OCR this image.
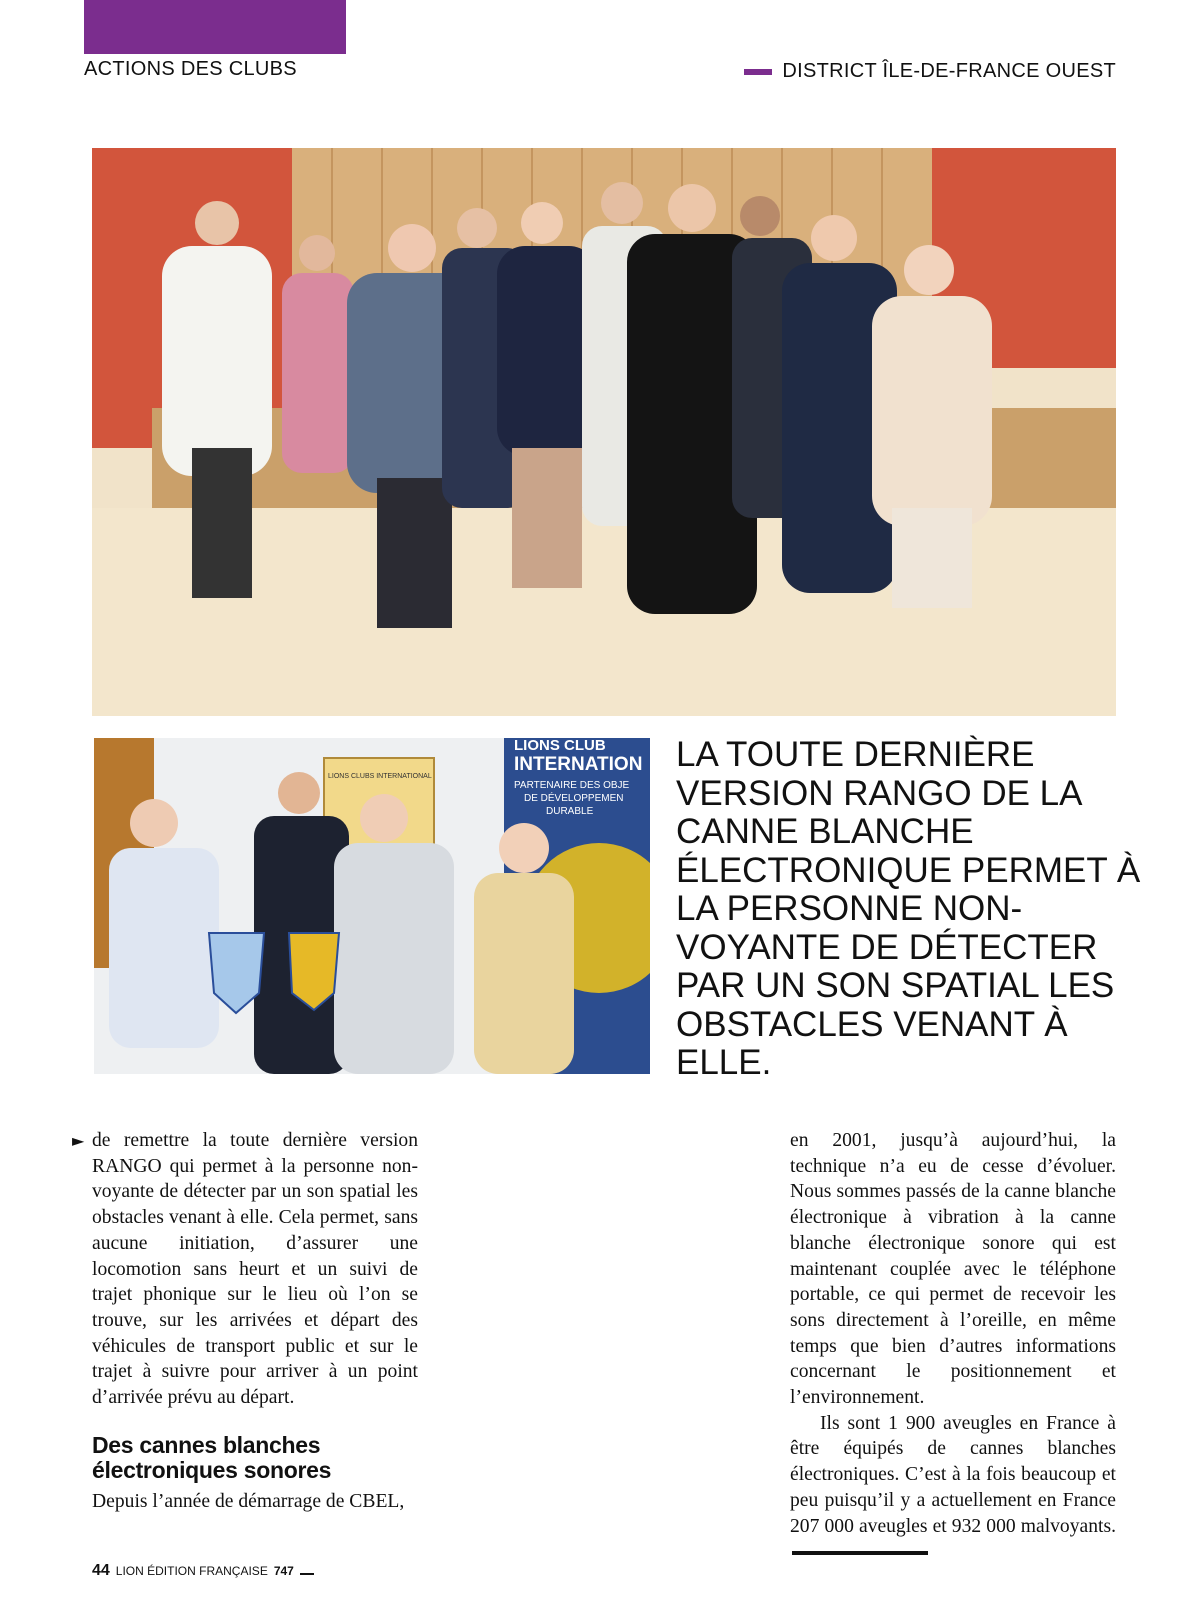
ACTIONS DES CLUBS	DISTRICT ÎLE-DE-FRANCE OUEST
LIONS CLUB
INTERNATION
PARTENAIRE DES OBJE
DE DÉVELOPPEMEN
DURABLE
LIONS CLUBS INTERNATIONAL
LA TOUTE DERNIÈRE VERSION RANGO DE LA CANNE BLANCHE ÉLECTRONIQUE PERMET À LA PERSONNE NON-VOYANTE DE DÉTECTER PAR UN SON SPATIAL LES OBSTACLES VENANT À ELLE.
► de remettre la toute dernière version RANGO qui permet à la personne non-voyante de détecter par un son spatial les obstacles venant à elle. Cela permet, sans aucune initiation, d’assurer une locomotion sans heurt et un suivi de trajet phonique sur le lieu où l’on se trouve, sur les arrivées et départ des véhicules de transport public et sur le trajet à suivre pour arriver à un point d’arrivée prévu au départ.

Des cannes blanches électroniques sonores

Depuis l’année de démarrage de CBEL,

en 2001, jusqu’à aujourd’hui, la technique n’a eu de cesse d’évoluer. Nous sommes passés de la canne blanche électronique à vibration à la canne blanche électronique sonore qui est maintenant couplée avec le téléphone portable, ce qui permet de recevoir les sons directement à l’oreille, en même temps que bien d’autres informations concernant le positionnement et l’environnement.

Ils sont 1 900 aveugles en France à être équipés de cannes blanches électroniques. C’est à la fois beaucoup et peu puisqu’il y a actuellement en France 207 000 aveugles et 932 000 malvoyants.

44 LION ÉDITION FRANÇAISE 747
